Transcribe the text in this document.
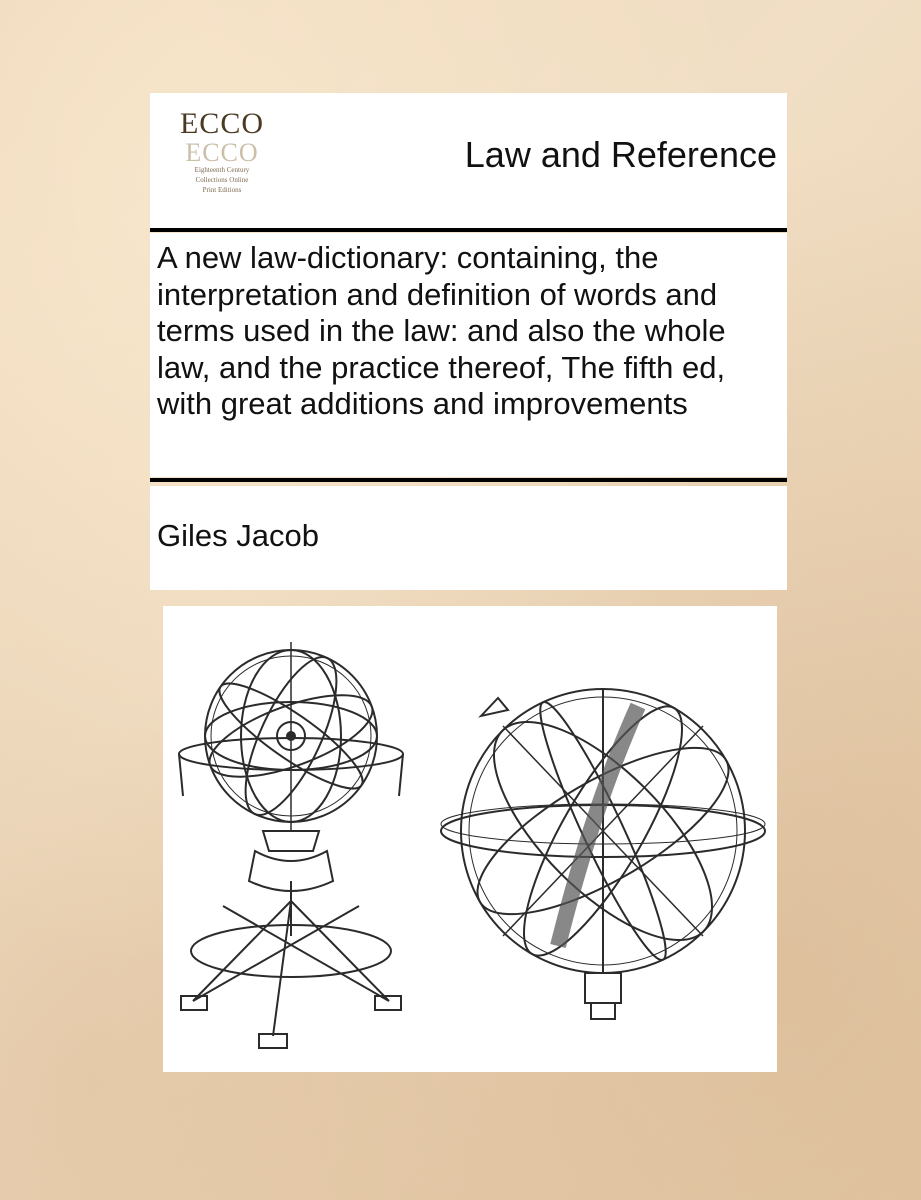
ECCO
ECCO
Eighteenth Century
Collections Online
Print Editions
Law and Reference
A new law-dictionary: containing, the interpretation and definition of words and terms used in the law: and also the whole law, and the practice thereof, The fifth ed, with great additions and improvements
Giles Jacob
